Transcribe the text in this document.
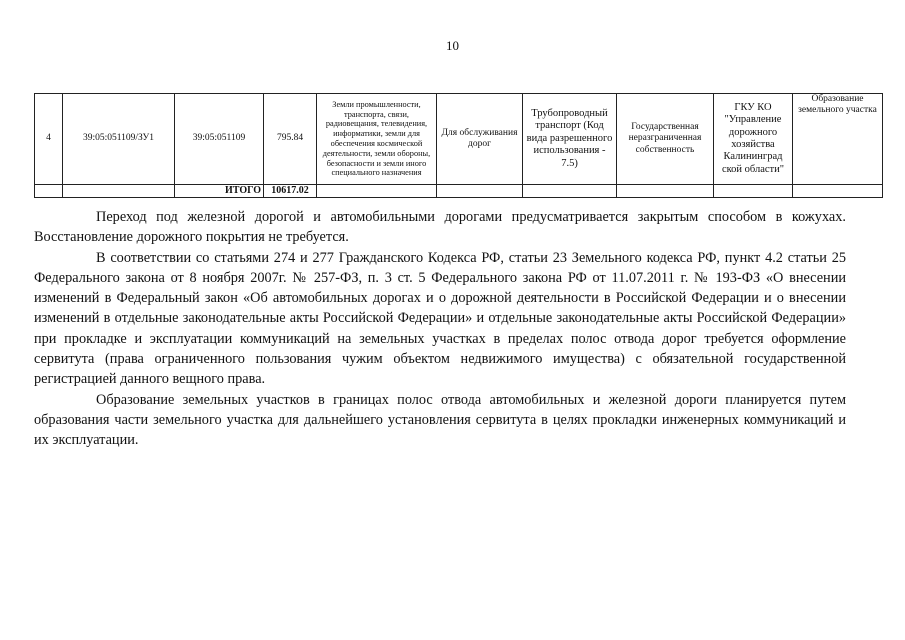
10
4	39:05:051109/ЗУ1	39:05:051109	795.84	Земли промышленности, транспорта, связи, радиовещания, телевидения, информатики, земли для обеспечения космической деятельности, земли обороны, безопасности и земли иного специального назначения	Для обслуживания дорог	Трубопроводный транспорт (Код вида разрешенного использования - 7.5)	Государственная неразграниченная собственность	ГКУ КО "Управление дорожного хозяйства Калининград ской области"	Образование земельного участка
		ИТОГО	10617.02						

Переход под железной дорогой и автомобильными дорогами предусматривается закрытым способом в кожухах. Восстановление дорожного покрытия не требуется.

В соответствии со статьями 274 и 277 Гражданского Кодекса РФ, статьи 23 Земельного кодекса РФ, пункт 4.2 статьи 25 Федерального закона от 8 ноября 2007г. № 257-ФЗ, п. 3 ст. 5 Федерального закона РФ от 11.07.2011 г. № 193-ФЗ «О внесении изменений в Федеральный закон «Об автомобильных дорогах и о дорожной деятельности в Российской Федерации и о внесении изменений в отдельные законодательные акты Российской Федерации» и отдельные законодательные акты Российской Федерации» при прокладке и эксплуатации коммуникаций на земельных участках в пределах полос отвода дорог требуется оформление сервитута (права ограниченного пользования чужим объектом недвижимого имущества) с обязательной государственной регистрацией данного вещного права.

Образование земельных участков в границах полос отвода автомобильных и железной дороги планируется путем образования части земельного участка для дальнейшего установления сервитута в целях прокладки инженерных коммуникаций и их эксплуатации.
